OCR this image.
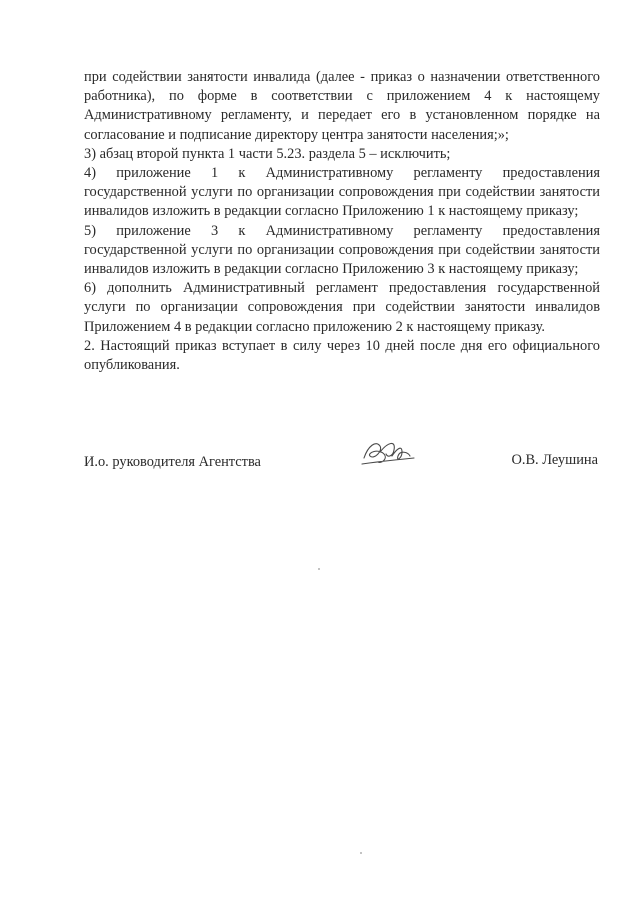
при содействии занятости инвалида (далее - приказ о назначении ответственного работника), по форме в соответствии с приложением 4 к настоящему Административному регламенту, и передает его в установленном порядке на согласование и подписание директору центра занятости населения;»;

3) абзац второй пункта 1 части 5.23. раздела 5 – исключить;

4) приложение 1 к Административному регламенту предоставления государственной услуги по организации сопровождения при содействии занятости инвалидов изложить в редакции согласно Приложению 1 к настоящему приказу;

5) приложение 3 к Административному регламенту предоставления государственной услуги по организации сопровождения при содействии занятости инвалидов изложить в редакции согласно Приложению 3 к настоящему приказу;

6) дополнить Административный регламент предоставления государственной услуги по организации сопровождения при содействии занятости инвалидов Приложением 4 в редакции согласно приложению 2 к настоящему приказу.

2. Настоящий приказ вступает в силу через 10 дней после дня его официального опубликования.

И.о. руководителя Агентства	О.В. Леушина
